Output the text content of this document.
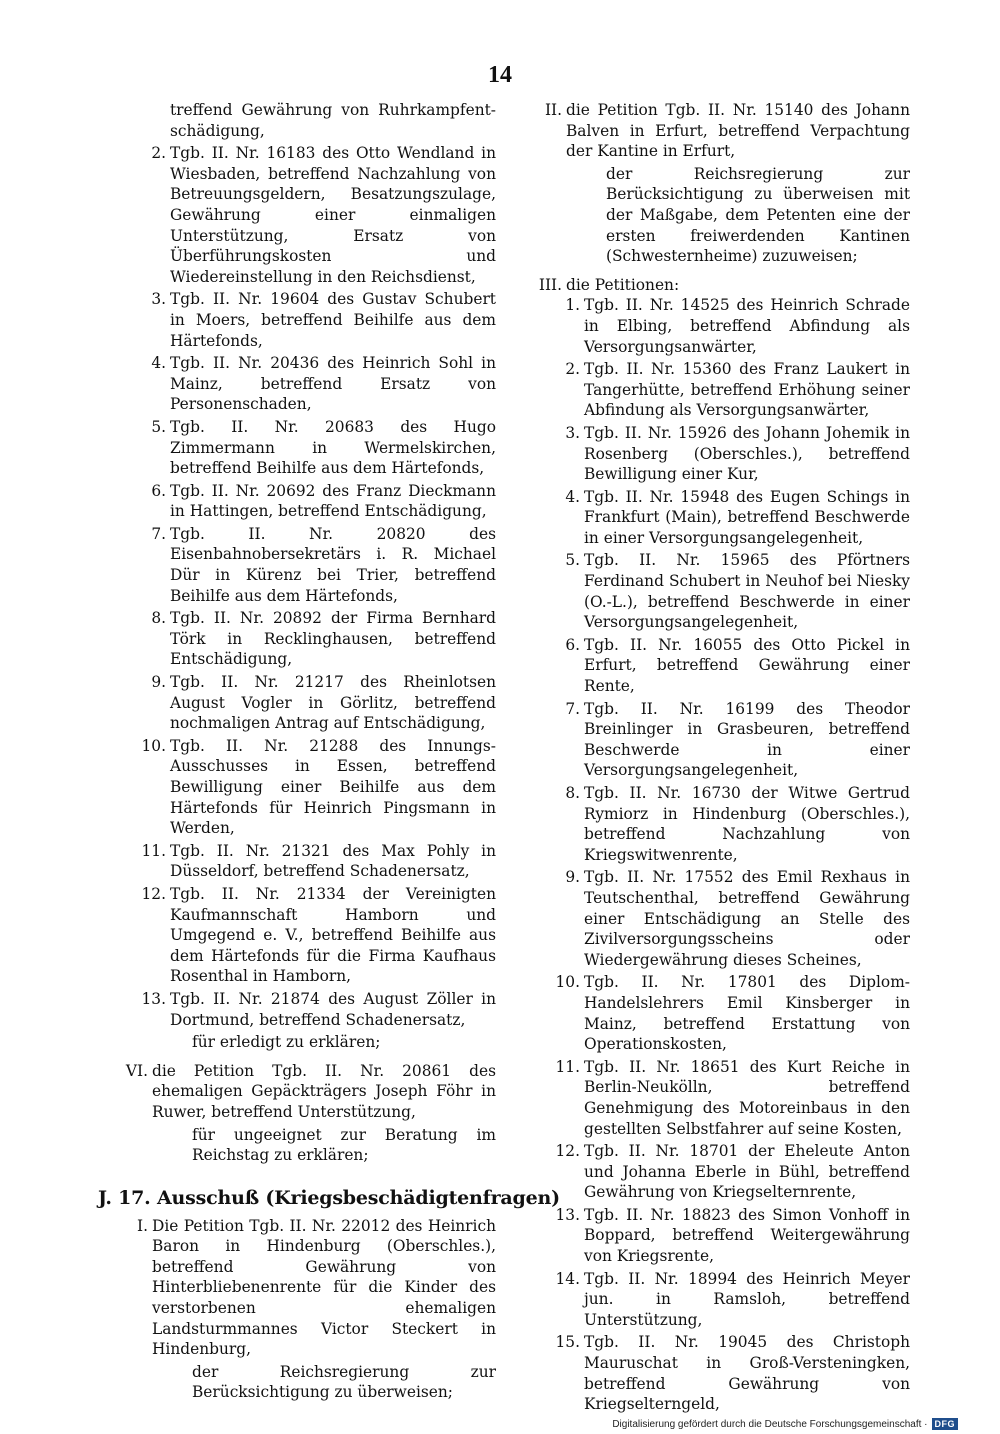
14

treffend Gewährung von Ruhrkampfent-schädigung,

2. Tgb. II. Nr. 16183 des Otto Wendland in Wiesbaden, betreffend Nachzahlung von Betreuungsgeldern, Besatzungszulage, Gewährung einer einmaligen Unterstützung, Ersatz von Überführungskosten und Wiedereinstellung in den Reichsdienst,

3. Tgb. II. Nr. 19604 des Gustav Schubert in Moers, betreffend Beihilfe aus dem Härtefonds,

4. Tgb. II. Nr. 20436 des Heinrich Sohl in Mainz, betreffend Ersatz von Personenschaden,

5. Tgb. II. Nr. 20683 des Hugo Zimmermann in Wermelskirchen, betreffend Beihilfe aus dem Härtefonds,

6. Tgb. II. Nr. 20692 des Franz Dieckmann in Hattingen, betreffend Entschädigung,

7. Tgb. II. Nr. 20820 des Eisenbahnobersekretärs i. R. Michael Dür in Kürenz bei Trier, betreffend Beihilfe aus dem Härtefonds,

8. Tgb. II. Nr. 20892 der Firma Bernhard Törk in Recklinghausen, betreffend Entschädigung,

9. Tgb. II. Nr. 21217 des Rheinlotsen August Vogler in Görlitz, betreffend nochmaligen Antrag auf Entschädigung,

10. Tgb. II. Nr. 21288 des Innungs-Ausschusses in Essen, betreffend Bewilligung einer Beihilfe aus dem Härtefonds für Heinrich Pingsmann in Werden,

11. Tgb. II. Nr. 21321 des Max Pohly in Düsseldorf, betreffend Schadenersatz,

12. Tgb. II. Nr. 21334 der Vereinigten Kaufmannschaft Hamborn und Umgegend e. V., betreffend Beihilfe aus dem Härtefonds für die Firma Kaufhaus Rosenthal in Hamborn,

13. Tgb. II. Nr. 21874 des August Zöller in Dortmund, betreffend Schadenersatz,

für erledigt zu erklären;

VI. die Petition Tgb. II. Nr. 20861 des ehemaligen Gepäckträgers Joseph Föhr in Ruwer, betreffend Unterstützung,

für ungeeignet zur Beratung im Reichstag zu erklären;

J. 17. Ausschuß (Kriegsbeschädigtenfragen)
I. Die Petition Tgb. II. Nr. 22012 des Heinrich Baron in Hindenburg (Oberschles.), betreffend Gewährung von Hinterbliebenenrente für die Kinder des verstorbenen ehemaligen Landsturmmannes Victor Steckert in Hindenburg,

der Reichsregierung zur Berücksichtigung zu überweisen;

II. die Petition Tgb. II. Nr. 15140 des Johann Balven in Erfurt, betreffend Verpachtung der Kantine in Erfurt,

der Reichsregierung zur Berücksichtigung zu überweisen mit der Maßgabe, dem Petenten eine der ersten freiwerdenden Kantinen (Schwesternheime) zuzuweisen;

III. die Petitionen:

1. Tgb. II. Nr. 14525 des Heinrich Schrade in Elbing, betreffend Abfindung als Versorgungsanwärter,

2. Tgb. II. Nr. 15360 des Franz Laukert in Tangerhütte, betreffend Erhöhung seiner Abfindung als Versorgungsanwärter,

3. Tgb. II. Nr. 15926 des Johann Johemik in Rosenberg (Oberschles.), betreffend Bewilligung einer Kur,

4. Tgb. II. Nr. 15948 des Eugen Schings in Frankfurt (Main), betreffend Beschwerde in einer Versorgungsangelegenheit,

5. Tgb. II. Nr. 15965 des Pförtners Ferdinand Schubert in Neuhof bei Niesky (O.-L.), betreffend Beschwerde in einer Versorgungsangelegenheit,

6. Tgb. II. Nr. 16055 des Otto Pickel in Erfurt, betreffend Gewährung einer Rente,

7. Tgb. II. Nr. 16199 des Theodor Breinlinger in Grasbeuren, betreffend Beschwerde in einer Versorgungsangelegenheit,

8. Tgb. II. Nr. 16730 der Witwe Gertrud Rymiorz in Hindenburg (Oberschles.), betreffend Nachzahlung von Kriegswitwenrente,

9. Tgb. II. Nr. 17552 des Emil Rexhaus in Teutschenthal, betreffend Gewährung einer Entschädigung an Stelle des Zivilversorgungsscheins oder Wiedergewährung dieses Scheines,

10. Tgb. II. Nr. 17801 des Diplom-Handelslehrers Emil Kinsberger in Mainz, betreffend Erstattung von Operationskosten,

11. Tgb. II. Nr. 18651 des Kurt Reiche in Berlin-Neukölln, betreffend Genehmigung des Motoreinbaus in den gestellten Selbstfahrer auf seine Kosten,

12. Tgb. II. Nr. 18701 der Eheleute Anton und Johanna Eberle in Bühl, betreffend Gewährung von Kriegselternrente,

13. Tgb. II. Nr. 18823 des Simon Vonhoff in Boppard, betreffend Weitergewährung von Kriegsrente,

14. Tgb. II. Nr. 18994 des Heinrich Meyer jun. in Ramsloh, betreffend Unterstützung,

15. Tgb. II. Nr. 19045 des Christoph Maurusсhat in Groß-Versteningken, betreffend Gewährung von Kriegselterngeld,

Digitalisierung gefördert durch die Deutsche Forschungsgemeinschaft · DFG
